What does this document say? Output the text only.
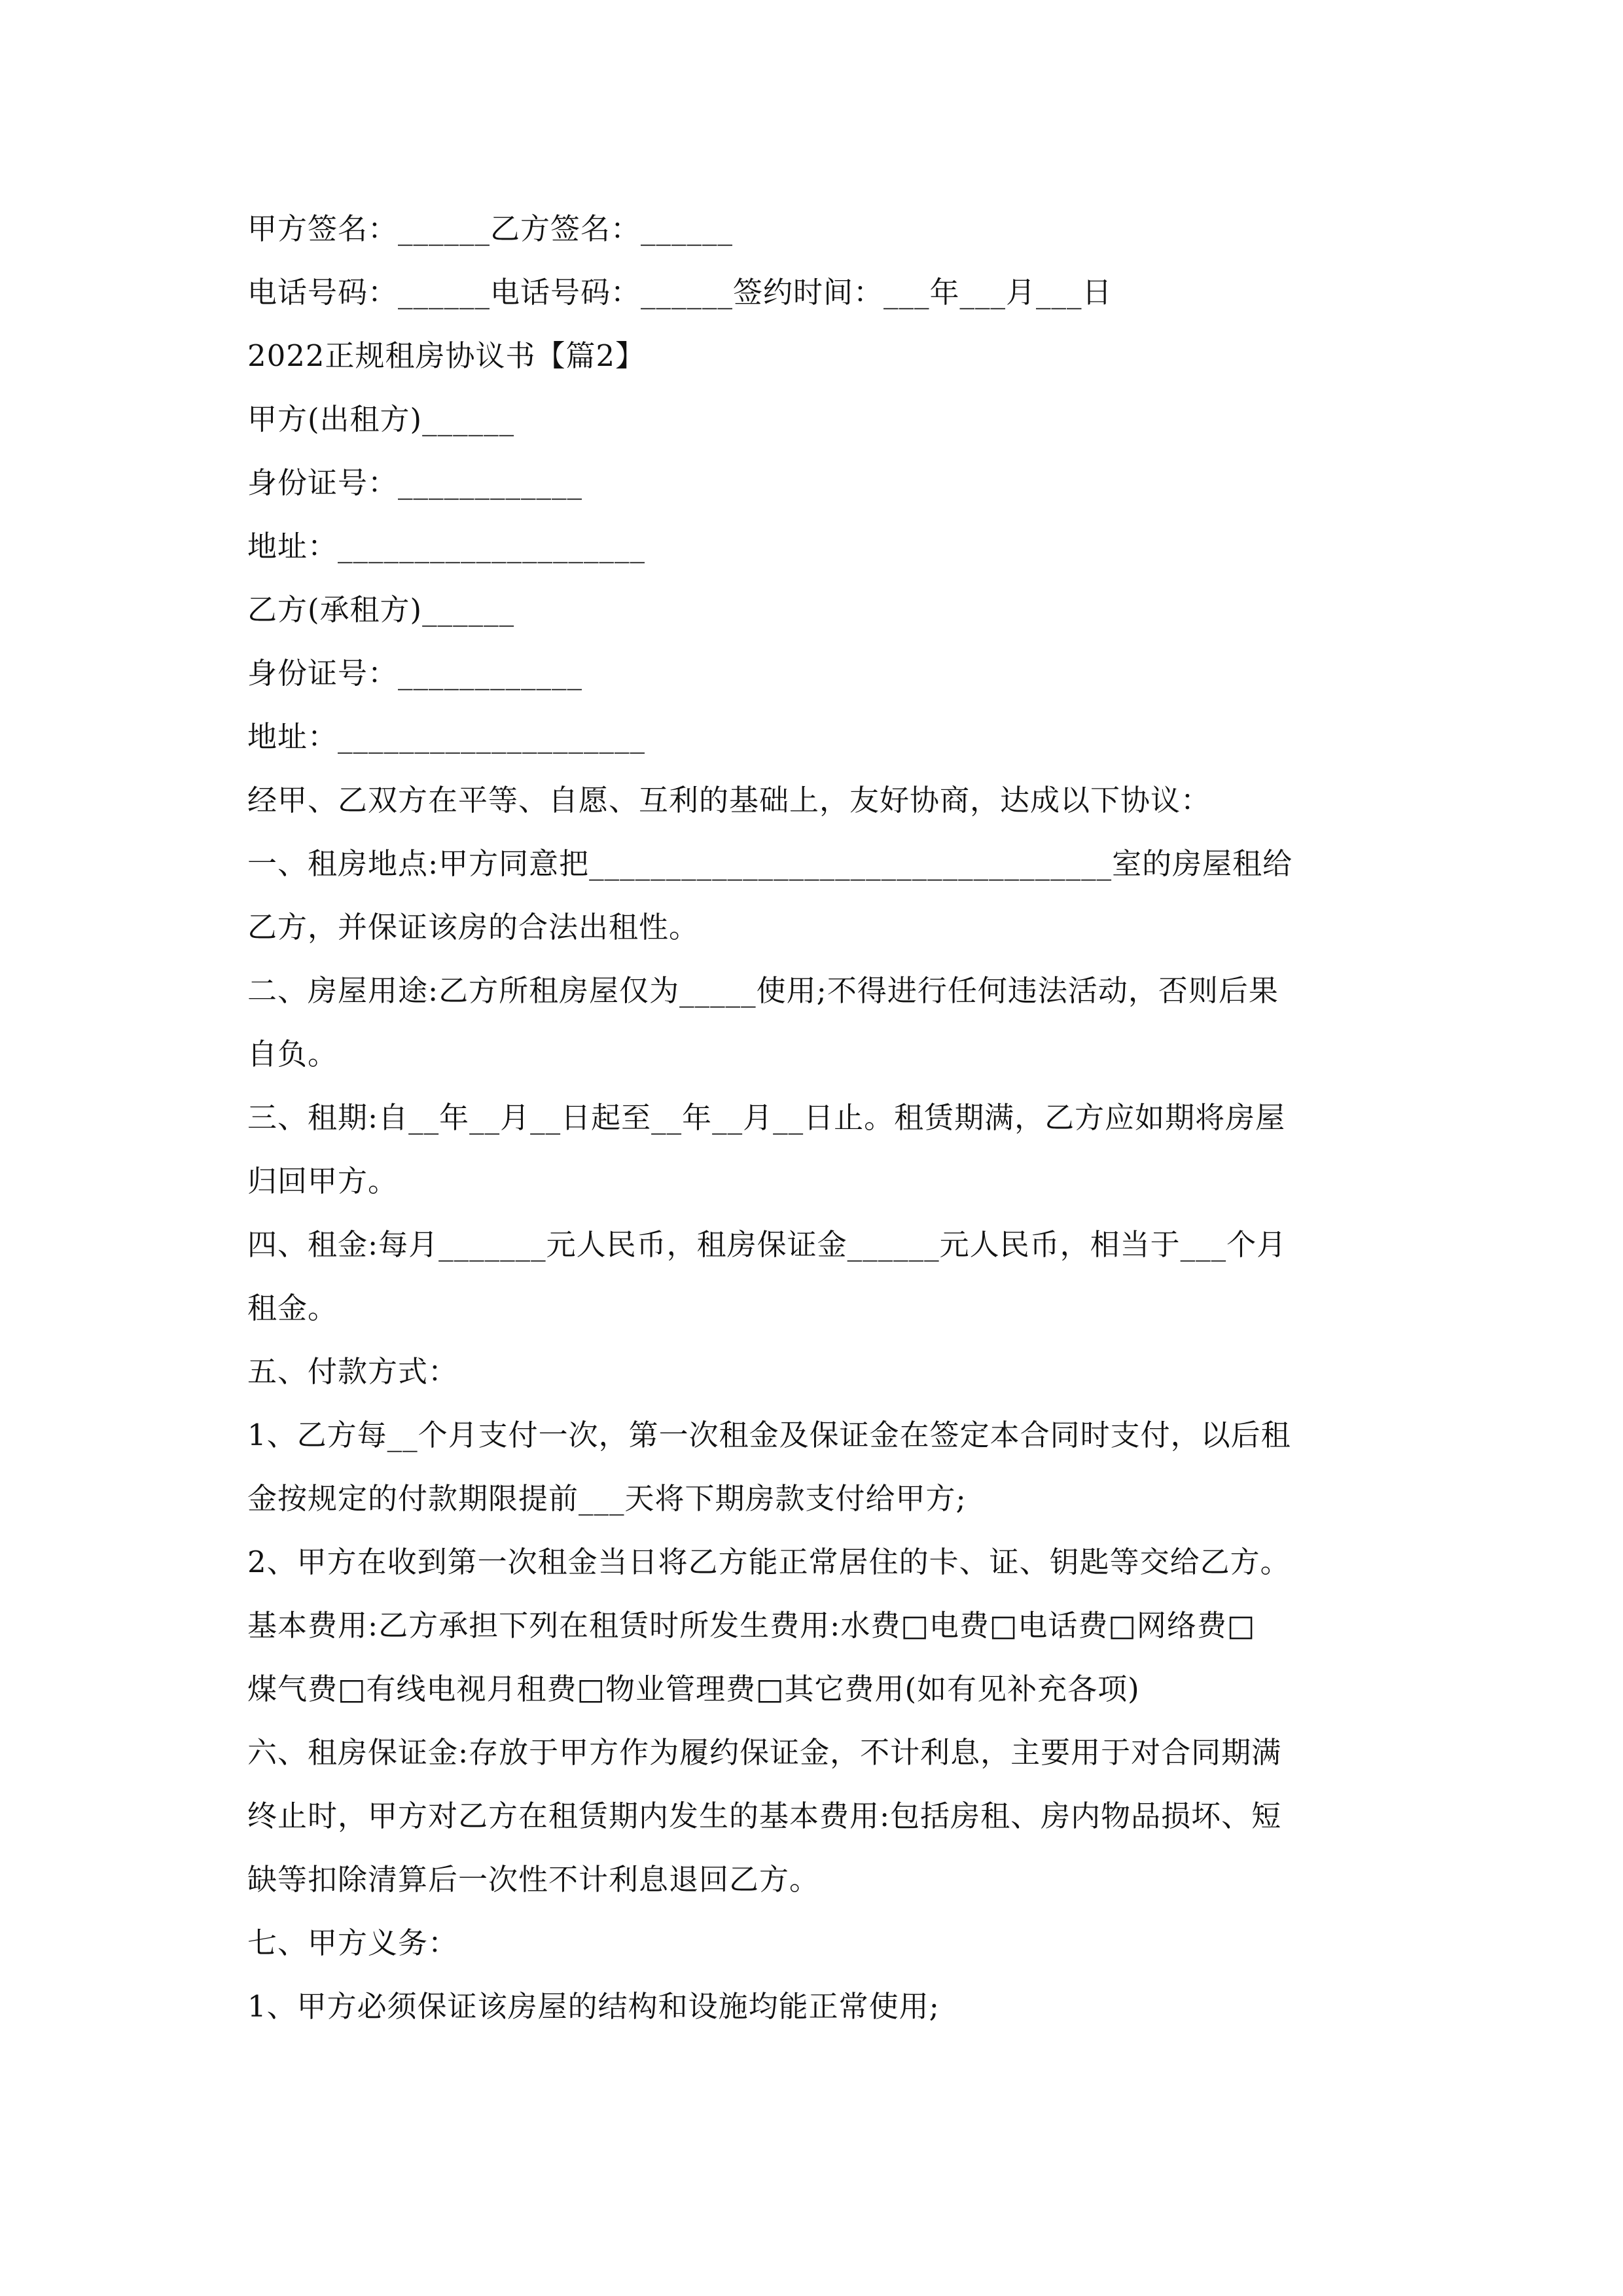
甲方签名：______乙方签名：______
电话号码：______电话号码：______签约时间：___年___月___日
2022正规租房协议书【篇2】
甲方(出租方)______
身份证号：____________
地址：____________________
乙方(承租方)______
身份证号：____________
地址：____________________
经甲、乙双方在平等、自愿、互利的基础上，友好协商，达成以下协议：
一、租房地点:甲方同意把__________________________________室的房屋租给
乙方，并保证该房的合法出租性。
二、房屋用途:乙方所租房屋仅为_____使用;不得进行任何违法活动，否则后果
自负。
三、租期:自__年__月__日起至__年__月__日止。租赁期满，乙方应如期将房屋
归回甲方。
四、租金:每月_______元人民币，租房保证金______元人民币，相当于___个月
租金。
五、付款方式：
1、乙方每__个月支付一次，第一次租金及保证金在签定本合同时支付，以后租
金按规定的付款期限提前___天将下期房款支付给甲方;
2、甲方在收到第一次租金当日将乙方能正常居住的卡、证、钥匙等交给乙方。
基本费用:乙方承担下列在租赁时所发生费用:水费□电费□电话费□网络费□
煤气费□有线电视月租费□物业管理费□其它费用(如有见补充各项)
六、租房保证金:存放于甲方作为履约保证金，不计利息，主要用于对合同期满
终止时，甲方对乙方在租赁期内发生的基本费用:包括房租、房内物品损坏、短
缺等扣除清算后一次性不计利息退回乙方。
七、甲方义务：
1、甲方必须保证该房屋的结构和设施均能正常使用;
